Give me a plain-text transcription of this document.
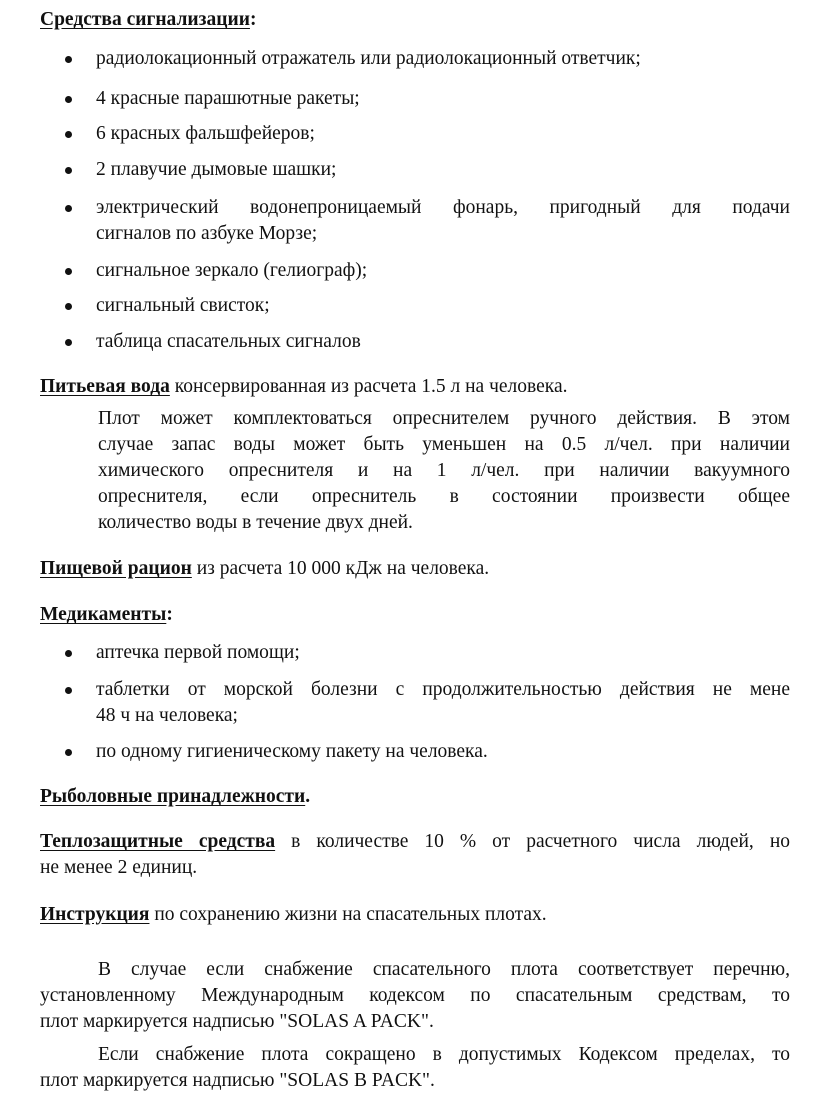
Средства сигнализации:
радиолокационный отражатель или радиолокационный ответчик;
4 красные парашютные ракеты;
6 красных фальшфейеров;
2 плавучие дымовые шашки;
электрический водонепроницаемый фонарь, пригодный для подачи
сигналов по азбуке Морзе;
сигнальное зеркало (гелиограф);
сигнальный свисток;
таблица спасательных сигналов
Питьевая вода консервированная из расчета 1.5 л на человека.
Плот может комплектоваться опреснителем ручного действия. В этом
случае запас воды может быть уменьшен на 0.5 л/чел. при наличии
химического опреснителя и на 1 л/чел. при наличии вакуумного
опреснителя, если опреснитель в состоянии произвести общее
количество воды в течение двух дней.
Пищевой рацион из расчета 10 000 кДж на человека.
Медикаменты:
аптечка первой помощи;
таблетки от морской болезни с продолжительностью действия не мене
48 ч на человека;
по одному гигиеническому пакету на человека.
Рыболовные принадлежности.
Теплозащитные средства в количестве 10 % от расчетного числа людей, но
не менее 2 единиц.
Инструкция по сохранению жизни на спасательных плотах.
В случае если снабжение спасательного плота соответствует перечню,
установленному Международным кодексом по спасательным средствам, то
плот маркируется надписью "SOLAS A PACK".
Если снабжение плота сокращено в допустимых Кодексом пределах, то
плот маркируется надписью "SOLAS B PACK".
